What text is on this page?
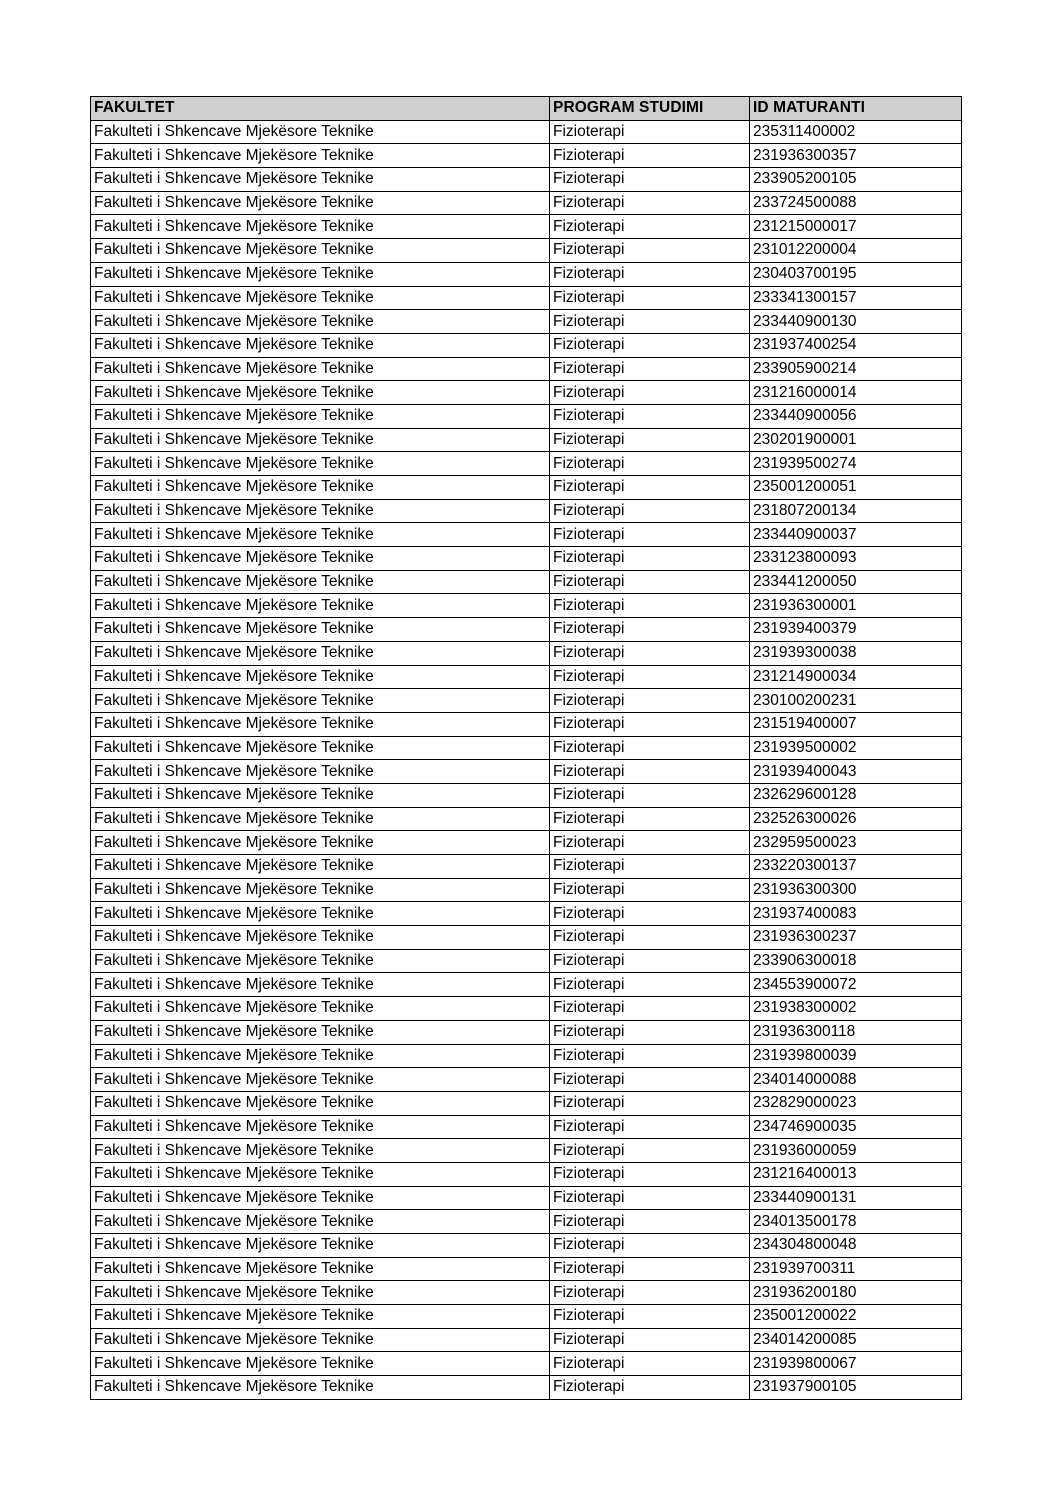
FAKULTET	PROGRAM STUDIMI	ID MATURANTI
Fakulteti i Shkencave Mjekësore Teknike	Fizioterapi	235311400002
Fakulteti i Shkencave Mjekësore Teknike	Fizioterapi	231936300357
Fakulteti i Shkencave Mjekësore Teknike	Fizioterapi	233905200105
Fakulteti i Shkencave Mjekësore Teknike	Fizioterapi	233724500088
Fakulteti i Shkencave Mjekësore Teknike	Fizioterapi	231215000017
Fakulteti i Shkencave Mjekësore Teknike	Fizioterapi	231012200004
Fakulteti i Shkencave Mjekësore Teknike	Fizioterapi	230403700195
Fakulteti i Shkencave Mjekësore Teknike	Fizioterapi	233341300157
Fakulteti i Shkencave Mjekësore Teknike	Fizioterapi	233440900130
Fakulteti i Shkencave Mjekësore Teknike	Fizioterapi	231937400254
Fakulteti i Shkencave Mjekësore Teknike	Fizioterapi	233905900214
Fakulteti i Shkencave Mjekësore Teknike	Fizioterapi	231216000014
Fakulteti i Shkencave Mjekësore Teknike	Fizioterapi	233440900056
Fakulteti i Shkencave Mjekësore Teknike	Fizioterapi	230201900001
Fakulteti i Shkencave Mjekësore Teknike	Fizioterapi	231939500274
Fakulteti i Shkencave Mjekësore Teknike	Fizioterapi	235001200051
Fakulteti i Shkencave Mjekësore Teknike	Fizioterapi	231807200134
Fakulteti i Shkencave Mjekësore Teknike	Fizioterapi	233440900037
Fakulteti i Shkencave Mjekësore Teknike	Fizioterapi	233123800093
Fakulteti i Shkencave Mjekësore Teknike	Fizioterapi	233441200050
Fakulteti i Shkencave Mjekësore Teknike	Fizioterapi	231936300001
Fakulteti i Shkencave Mjekësore Teknike	Fizioterapi	231939400379
Fakulteti i Shkencave Mjekësore Teknike	Fizioterapi	231939300038
Fakulteti i Shkencave Mjekësore Teknike	Fizioterapi	231214900034
Fakulteti i Shkencave Mjekësore Teknike	Fizioterapi	230100200231
Fakulteti i Shkencave Mjekësore Teknike	Fizioterapi	231519400007
Fakulteti i Shkencave Mjekësore Teknike	Fizioterapi	231939500002
Fakulteti i Shkencave Mjekësore Teknike	Fizioterapi	231939400043
Fakulteti i Shkencave Mjekësore Teknike	Fizioterapi	232629600128
Fakulteti i Shkencave Mjekësore Teknike	Fizioterapi	232526300026
Fakulteti i Shkencave Mjekësore Teknike	Fizioterapi	232959500023
Fakulteti i Shkencave Mjekësore Teknike	Fizioterapi	233220300137
Fakulteti i Shkencave Mjekësore Teknike	Fizioterapi	231936300300
Fakulteti i Shkencave Mjekësore Teknike	Fizioterapi	231937400083
Fakulteti i Shkencave Mjekësore Teknike	Fizioterapi	231936300237
Fakulteti i Shkencave Mjekësore Teknike	Fizioterapi	233906300018
Fakulteti i Shkencave Mjekësore Teknike	Fizioterapi	234553900072
Fakulteti i Shkencave Mjekësore Teknike	Fizioterapi	231938300002
Fakulteti i Shkencave Mjekësore Teknike	Fizioterapi	231936300118
Fakulteti i Shkencave Mjekësore Teknike	Fizioterapi	231939800039
Fakulteti i Shkencave Mjekësore Teknike	Fizioterapi	234014000088
Fakulteti i Shkencave Mjekësore Teknike	Fizioterapi	232829000023
Fakulteti i Shkencave Mjekësore Teknike	Fizioterapi	234746900035
Fakulteti i Shkencave Mjekësore Teknike	Fizioterapi	231936000059
Fakulteti i Shkencave Mjekësore Teknike	Fizioterapi	231216400013
Fakulteti i Shkencave Mjekësore Teknike	Fizioterapi	233440900131
Fakulteti i Shkencave Mjekësore Teknike	Fizioterapi	234013500178
Fakulteti i Shkencave Mjekësore Teknike	Fizioterapi	234304800048
Fakulteti i Shkencave Mjekësore Teknike	Fizioterapi	231939700311
Fakulteti i Shkencave Mjekësore Teknike	Fizioterapi	231936200180
Fakulteti i Shkencave Mjekësore Teknike	Fizioterapi	235001200022
Fakulteti i Shkencave Mjekësore Teknike	Fizioterapi	234014200085
Fakulteti i Shkencave Mjekësore Teknike	Fizioterapi	231939800067
Fakulteti i Shkencave Mjekësore Teknike	Fizioterapi	231937900105
